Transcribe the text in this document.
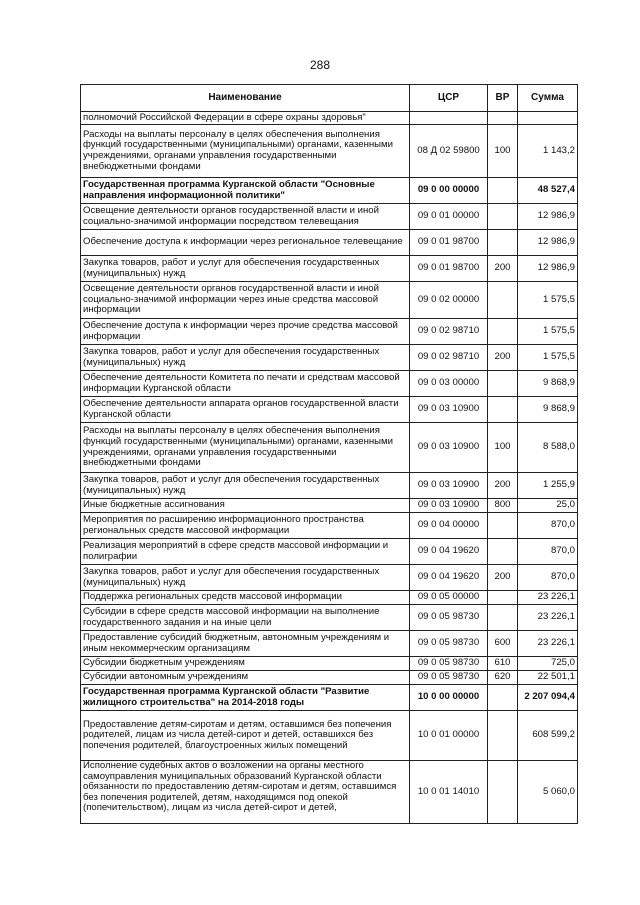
288
Наименование	ЦСР	ВР	Сумма
полномочий Российской Федерации в сфере охраны здоровья"			
Расходы на выплаты персоналу в целях обеспечения выполнения функций государственными (муниципальными) органами, казенными учреждениями, органами управления государственными внебюджетными фондами	08 Д 02 59800	100	1 143,2
Государственная программа Курганской области "Основные направления информационной политики"	09 0 00 00000		48 527,4
Освещение деятельности органов государственной власти и иной социально-значимой информации посредством телевещания	09 0 01 00000		12 986,9
Обеспечение доступа к информации через региональное телевещание	09 0 01 98700		12 986,9
Закупка товаров, работ и услуг для обеспечения государственных (муниципальных) нужд	09 0 01 98700	200	12 986,9
Освещение деятельности органов государственной власти и иной социально-значимой информации через иные средства массовой информации	09 0 02 00000		1 575,5
Обеспечение доступа к информации через прочие средства массовой информации	09 0 02 98710		1 575,5
Закупка товаров, работ и услуг для обеспечения государственных (муниципальных) нужд	09 0 02 98710	200	1 575,5
Обеспечение деятельности Комитета по печати и средствам массовой информации Курганской области	09 0 03 00000		9 868,9
Обеспечение деятельности аппарата органов государственной власти Курганской области	09 0 03 10900		9 868,9
Расходы на выплаты персоналу в целях обеспечения выполнения функций государственными (муниципальными) органами, казенными учреждениями, органами управления государственными внебюджетными фондами	09 0 03 10900	100	8 588,0
Закупка товаров, работ и услуг для обеспечения государственных (муниципальных) нужд	09 0 03 10900	200	1 255,9
Иные бюджетные ассигнования	09 0 03 10900	800	25,0
Мероприятия по расширению информационного пространства региональных средств массовой информации	09 0 04 00000		870,0
Реализация мероприятий в сфере средств массовой информации и полиграфии	09 0 04 19620		870,0
Закупка товаров, работ и услуг для обеспечения государственных (муниципальных) нужд	09 0 04 19620	200	870,0
Поддержка региональных средств массовой информации	09 0 05 00000		23 226,1
Субсидии в сфере средств массовой информации на выполнение государственного задания и на иные цели	09 0 05 98730		23 226,1
Предоставление субсидий бюджетным, автономным учреждениям и иным некоммерческим организациям	09 0 05 98730	600	23 226,1
Субсидии бюджетным учреждениям	09 0 05 98730	610	725,0
Субсидии автономным учреждениям	09 0 05 98730	620	22 501,1
Государственная программа Курганской области "Развитие жилищного строительства" на 2014-2018 годы	10 0 00 00000		2 207 094,4
Предоставление детям-сиротам и детям, оставшимся без попечения родителей, лицам из числа детей-сирот и детей, оставшихся без попечения родителей, благоустроенных жилых помещений	10 0 01 00000		608 599,2
Исполнение судебных актов о возложении на органы местного самоуправления муниципальных образований Курганской области обязанности по предоставлению детям-сиротам и детям, оставшимся без попечения родителей, детям, находящимся под опекой (попечительством), лицам из числа детей-сирот и детей,	10 0 01 14010		5 060,0
